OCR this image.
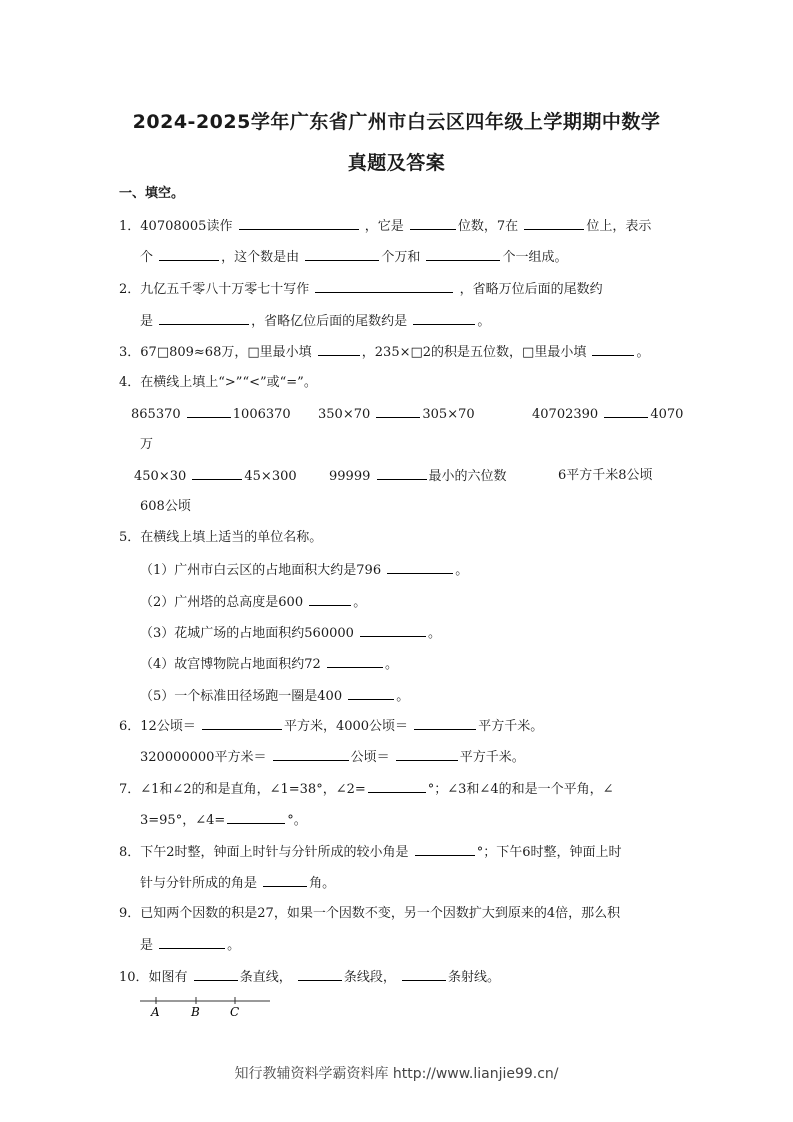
2024-2025学年广东省广州市白云区四年级上学期期中数学
真题及答案
一、填空。
1．40708005读作	，它是	位数，7在	位上，表示
个	，这个数是由	个万和	个一组成。
2．九亿五千零八十万零七十写作	，省略万位后面的尾数约
是	，省略亿位后面的尾数约是	。
3．67□809≈68万，□里最小填	，235×□2的积是五位数，□里最小填	。
4．在横线上填上“>”“<”或“=”。
865370	1006370 350×70	305×70	40702390	4070
万
450×30	45×300 99999	最小的六位数	6平方千米8公顷
608公顷
5．在横线上填上适当的单位名称。
（1）广州市白云区的占地面积大约是796	。
（2）广州塔的总高度是600	。
（3）花城广场的占地面积约560000	。
（4）故宫博物院占地面积约72	。
（5）一个标准田径场跑一圈是400	。
6．12公顷＝	平方米，4000公顷＝	平方千米。
320000000平方米＝	公顷＝	平方千米。
7．∠1和∠2的和是直角，∠1=38°，∠2=	°；∠3和∠4的和是一个平角，∠
3=95°，∠4=	°。
8．下午2时整，钟面上时针与分针所成的较小角是	°；下午6时整，钟面上时
针与分针所成的角是	角。
9．已知两个因数的积是27，如果一个因数不变，另一个因数扩大到原来的4倍，那么积
是	。
10．如图有	条直线，	条线段，	条射线。
A	B	C
知行教辅资料学霸资料库 http://www.lianjie99.cn/
